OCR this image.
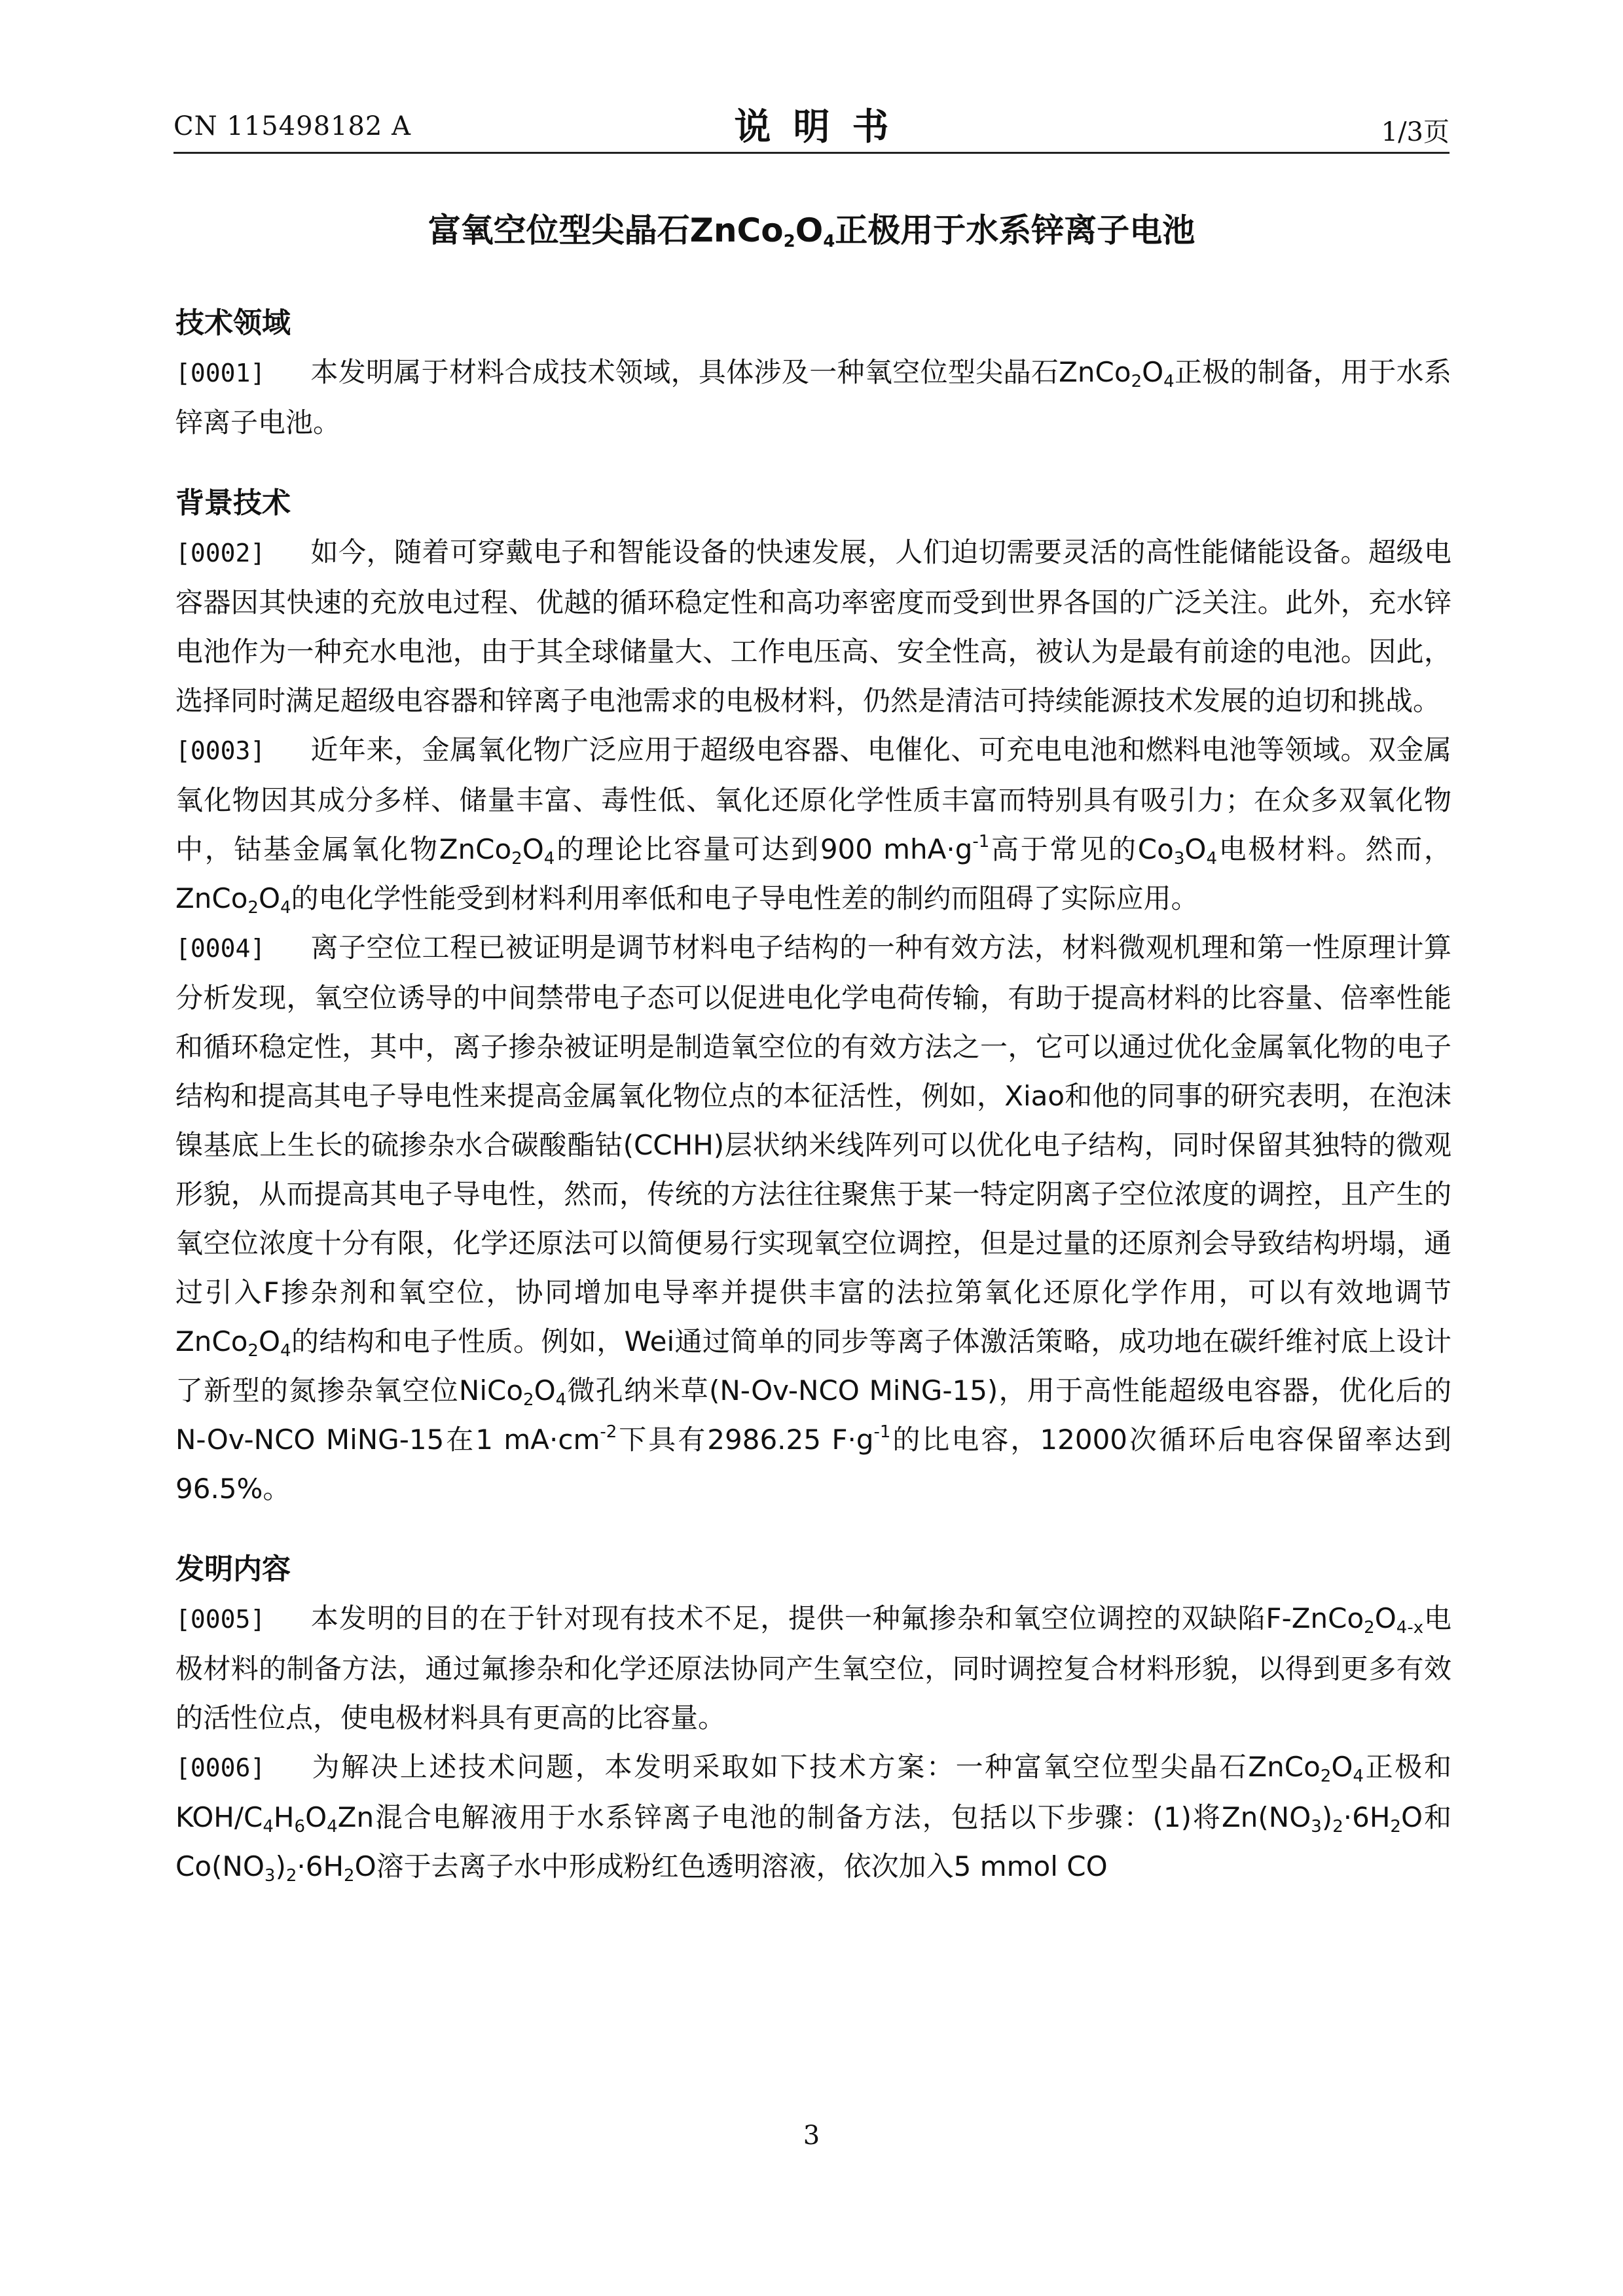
CN 115498182 A	说明书	1/3页
富氧空位型尖晶石$ZnCo_2O_4$正极用于水系锌离子电池
技术领域

[0001] 本发明属于材料合成技术领域，具体涉及一种氧空位型尖晶石$ZnCo_2O_4$正极的制备，用于水系锌离子电池。

背景技术

[0002] 如今，随着可穿戴电子和智能设备的快速发展，人们迫切需要灵活的高性能储能设备。超级电容器因其快速的充放电过程、优越的循环稳定性和高功率密度而受到世界各国的广泛关注。此外，充水锌电池作为一种充水电池，由于其全球储量大、工作电压高、安全性高，被认为是最有前途的电池。因此，选择同时满足超级电容器和锌离子电池需求的电极材料，仍然是清洁可持续能源技术发展的迫切和挑战。

[0003] 近年来，金属氧化物广泛应用于超级电容器、电催化、可充电电池和燃料电池等领域。双金属氧化物因其成分多样、储量丰富、毒性低、氧化还原化学性质丰富而特别具有吸引力；在众多双氧化物中，钴基金属氧化物$ZnCo_2O_4$的理论比容量可达到900 $mhA\cdot g^{-1}$高于常见的$Co_3O_4$电极材料。然而，$ZnCo_2O_4$的电化学性能受到材料利用率低和电子导电性差的制约而阻碍了实际应用。

[0004] 离子空位工程已被证明是调节材料电子结构的一种有效方法，材料微观机理和第一性原理计算分析发现，氧空位诱导的中间禁带电子态可以促进电化学电荷传输，有助于提高材料的比容量、倍率性能和循环稳定性，其中，离子掺杂被证明是制造氧空位的有效方法之一，它可以通过优化金属氧化物的电子结构和提高其电子导电性来提高金属氧化物位点的本征活性，例如，Xiao和他的同事的研究表明，在泡沫镍基底上生长的硫掺杂水合碳酸酯钴(CCHH)层状纳米线阵列可以优化电子结构，同时保留其独特的微观形貌，从而提高其电子导电性，然而，传统的方法往往聚焦于某一特定阴离子空位浓度的调控，且产生的氧空位浓度十分有限，化学还原法可以简便易行实现氧空位调控，但是过量的还原剂会导致结构坍塌，通过引入F掺杂剂和氧空位，协同增加电导率并提供丰富的法拉第氧化还原化学作用，可以有效地调节$ZnCo_2O_4$的结构和电子性质。例如，Wei通过简单的同步等离子体激活策略，成功地在碳纤维衬底上设计了新型的氮掺杂氧空位$NiCo_2O_4$微孔纳米草(N-Ov-NCO MiNG-15)，用于高性能超级电容器，优化后的N-Ov-NCO MiNG-15在1 $mA\cdot cm^{-2}$下具有2986.25 $F\cdot g^{-1}$的比电容，12000次循环后电容保留率达到96.5%。

发明内容

[0005] 本发明的目的在于针对现有技术不足，提供一种氟掺杂和氧空位调控的双缺陷$F-ZnCo_2O_{4-x}$电极材料的制备方法，通过氟掺杂和化学还原法协同产生氧空位，同时调控复合材料形貌，以得到更多有效的活性位点，使电极材料具有更高的比容量。

[0006] 为解决上述技术问题，本发明采取如下技术方案：一种富氧空位型尖晶石$ZnCo_2O_4$正极和KOH/$C_4H_6O_4Zn$混合电解液用于水系锌离子电池的制备方法，包括以下步骤：(1)将$Zn(NO_3)_2\cdot 6H_2O$和$Co(NO_3)_2\cdot 6H_2O$溶于去离子水中形成粉红色透明溶液，依次加入5 mmol CO

3
